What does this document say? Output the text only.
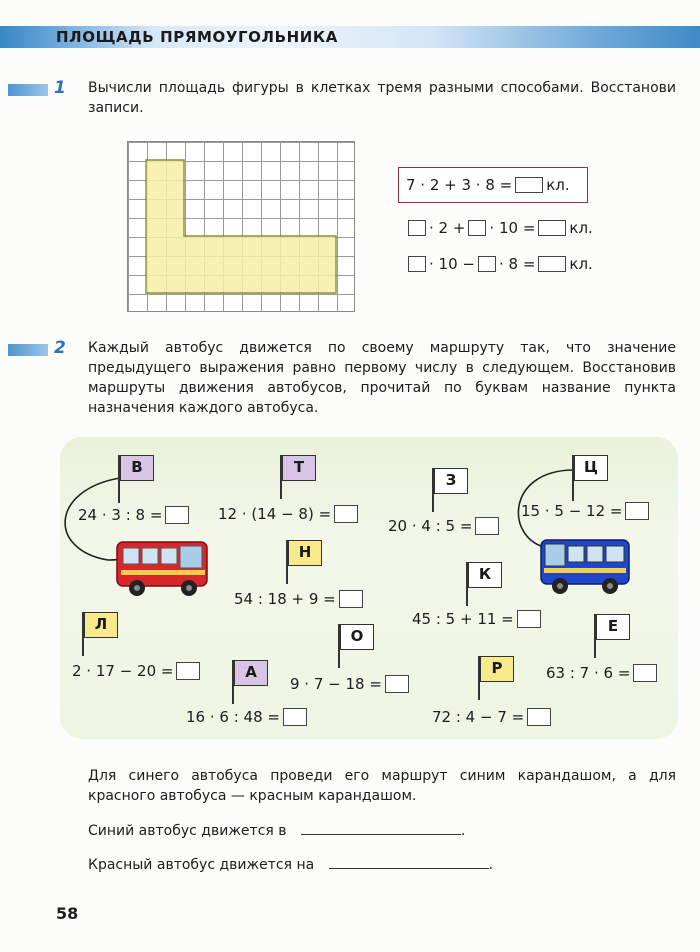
ПЛОЩАДЬ ПРЯМОУГОЛЬНИКА
1 Вычисли площадь фигуры в клетках тремя разными способами. Восстанови записи.
7 · 2 + 3 · 8 = кл.
· 2 + · 10 = кл.
· 10 − · 8 = кл.
2 Каждый автобус движется по своему маршруту так, что значение предыдущего выражения равно первому числу в следующем. Восстановив маршруты движения автобусов, прочитай по буквам название пункта назначения каждого автобуса.
В	Т
З
Ц
Н
К
Л
О
Е
А	Р
24 · 3 : 8 =	12 · (14 − 8) =
20 · 4 : 5 =
15 · 5 − 12 =
54 : 18 + 9 =
45 : 5 + 11 =
2 · 17 − 20 =
9 · 7 − 18 =
63 : 7 · 6 =
16 · 6 : 48 =	72 : 4 − 7 =
Для синего автобуса проведи его маршрут синим карандашом, а для красного автобуса — красным карандашом.
Синий автобус движется в	.
Красный автобус движется на	.
58
